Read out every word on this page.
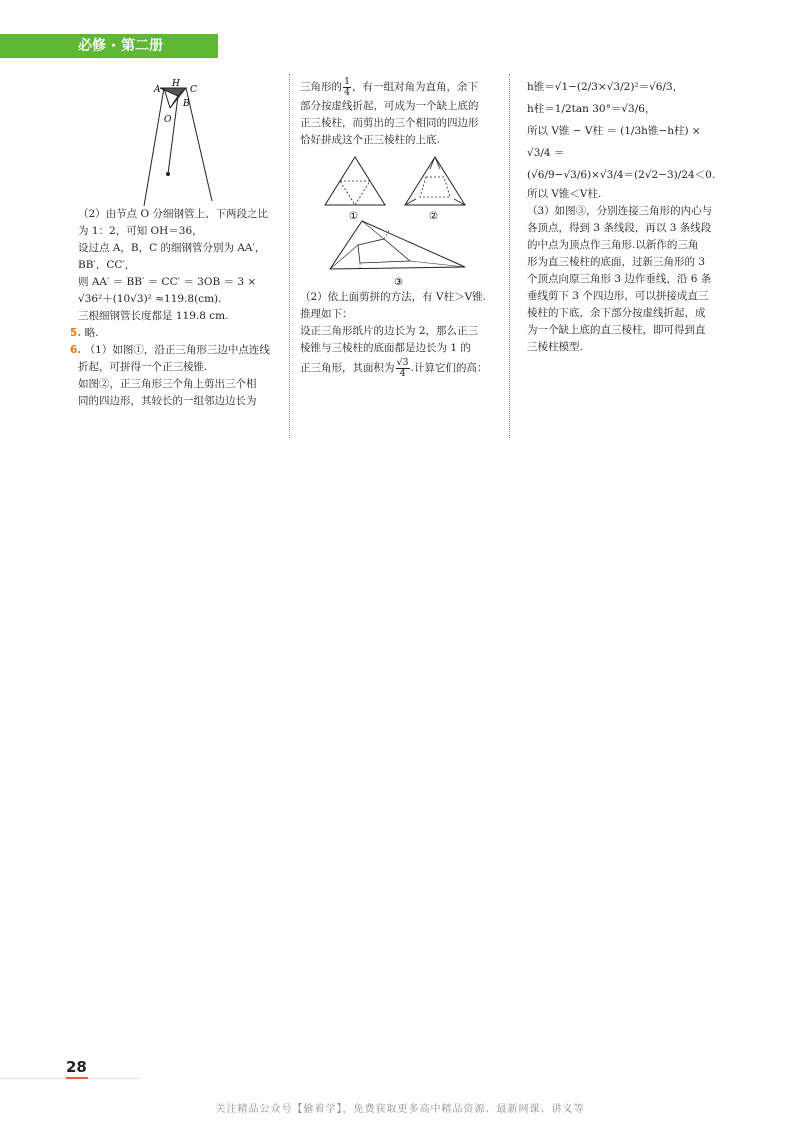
必修 · 第二册
H
A	C
B
O

（2）由节点 O 分细钢管上、下两段之比

为 1：2，可知 OH＝36，

设过点 A，B，C 的细钢管分别为 AA′，

BB′，CC′，

则 AA′ ＝ BB′ ＝ CC′ ＝ 3OB ＝ 3 ×

√36²＋(10√3)² ≈119.8(cm).

三根细钢管长度都是 119.8 cm.

5. 略.

6. （1）如图①，沿正三角形三边中点连线

折起，可拼得一个正三棱锥.

如图②，正三角形三个角上剪出三个相

同的四边形，其较长的一组邻边边长为

三角形的 $\frac{1}{4}$ ，有一组对角为直角，余下

部分按虚线折起，可成为一个缺上底的

正三棱柱，而剪出的三个相同的四边形

恰好拼成这个正三棱柱的上底.

①	②
③

（2）依上面剪拼的方法，有 V柱＞V锥.

推理如下：

设正三角形纸片的边长为 2，那么正三

棱锥与三棱柱的底面都是边长为 1 的

正三角形，其面积为 $\frac{√3}{4}$ .计算它们的高：

h锥＝√1−(2/3×√3/2)²＝√6/3，

h柱＝1/2tan 30°＝√3/6，

所以 V锥 − V柱 ＝ (1/3h锥−h柱) × √3/4 ＝

(√6/9−√3/6)×√3/4＝(2√2−3)/24＜0.

所以 V锥＜V柱.

（3）如图③，分别连接三角形的内心与

各顶点，得到 3 条线段，再以 3 条线段

的中点为顶点作三角形.以新作的三角

形为直三棱柱的底面，过新三角形的 3

个顶点向原三角形 3 边作垂线，沿 6 条

垂线剪下 3 个四边形，可以拼接成直三

棱柱的下底，余下部分按虚线折起，成

为一个缺上底的直三棱柱，即可得到直

三棱柱模型.

28
关注精品公众号【偷着学】，免费获取更多高中精品资源、最新网课、讲义等
